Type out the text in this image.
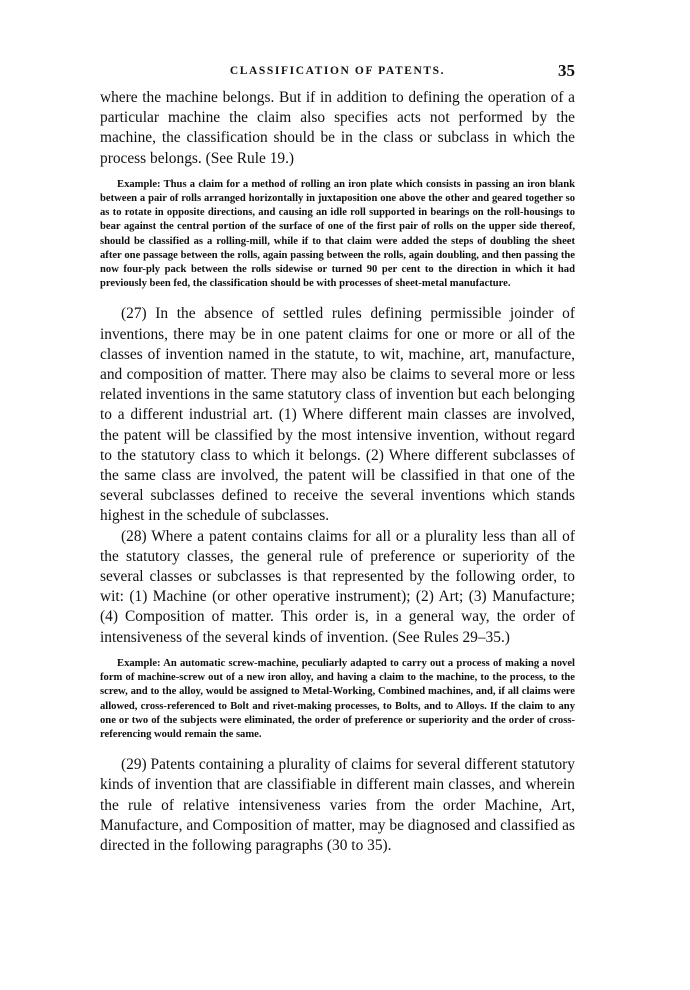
CLASSIFICATION OF PATENTS.	35

where the machine belongs. But if in addition to defining the operation of a particular machine the claim also specifies acts not performed by the machine, the classification should be in the class or subclass in which the process belongs. (See Rule 19.)

Example: Thus a claim for a method of rolling an iron plate which consists in passing an iron blank between a pair of rolls arranged horizontally in juxtaposition one above the other and geared together so as to rotate in opposite directions, and causing an idle roll supported in bearings on the roll-housings to bear against the central portion of the surface of one of the first pair of rolls on the upper side thereof, should be classified as a rolling-mill, while if to that claim were added the steps of doubling the sheet after one passage between the rolls, again passing between the rolls, again doubling, and then passing the now four-ply pack between the rolls sidewise or turned 90 per cent to the direction in which it had previously been fed, the classification should be with processes of sheet-metal manufacture.

(27) In the absence of settled rules defining permissible joinder of inventions, there may be in one patent claims for one or more or all of the classes of invention named in the statute, to wit, machine, art, manufacture, and composition of matter. There may also be claims to several more or less related inventions in the same statutory class of invention but each belonging to a different industrial art. (1) Where different main classes are involved, the patent will be classified by the most intensive invention, without regard to the statutory class to which it belongs. (2) Where different subclasses of the same class are involved, the patent will be classified in that one of the several subclasses defined to receive the several inventions which stands highest in the schedule of subclasses.

(28) Where a patent contains claims for all or a plurality less than all of the statutory classes, the general rule of preference or superiority of the several classes or subclasses is that represented by the following order, to wit: (1) Machine (or other operative instrument); (2) Art; (3) Manufacture; (4) Composition of matter. This order is, in a general way, the order of intensiveness of the several kinds of invention. (See Rules 29–35.)

Example: An automatic screw-machine, peculiarly adapted to carry out a process of making a novel form of machine-screw out of a new iron alloy, and having a claim to the machine, to the process, to the screw, and to the alloy, would be assigned to Metal-Working, Combined machines, and, if all claims were allowed, cross-referenced to Bolt and rivet-making processes, to Bolts, and to Alloys. If the claim to any one or two of the subjects were eliminated, the order of preference or superiority and the order of cross-referencing would remain the same.

(29) Patents containing a plurality of claims for several different statutory kinds of invention that are classifiable in different main classes, and wherein the rule of relative intensiveness varies from the order Machine, Art, Manufacture, and Composition of matter, may be diagnosed and classified as directed in the following paragraphs (30 to 35).
